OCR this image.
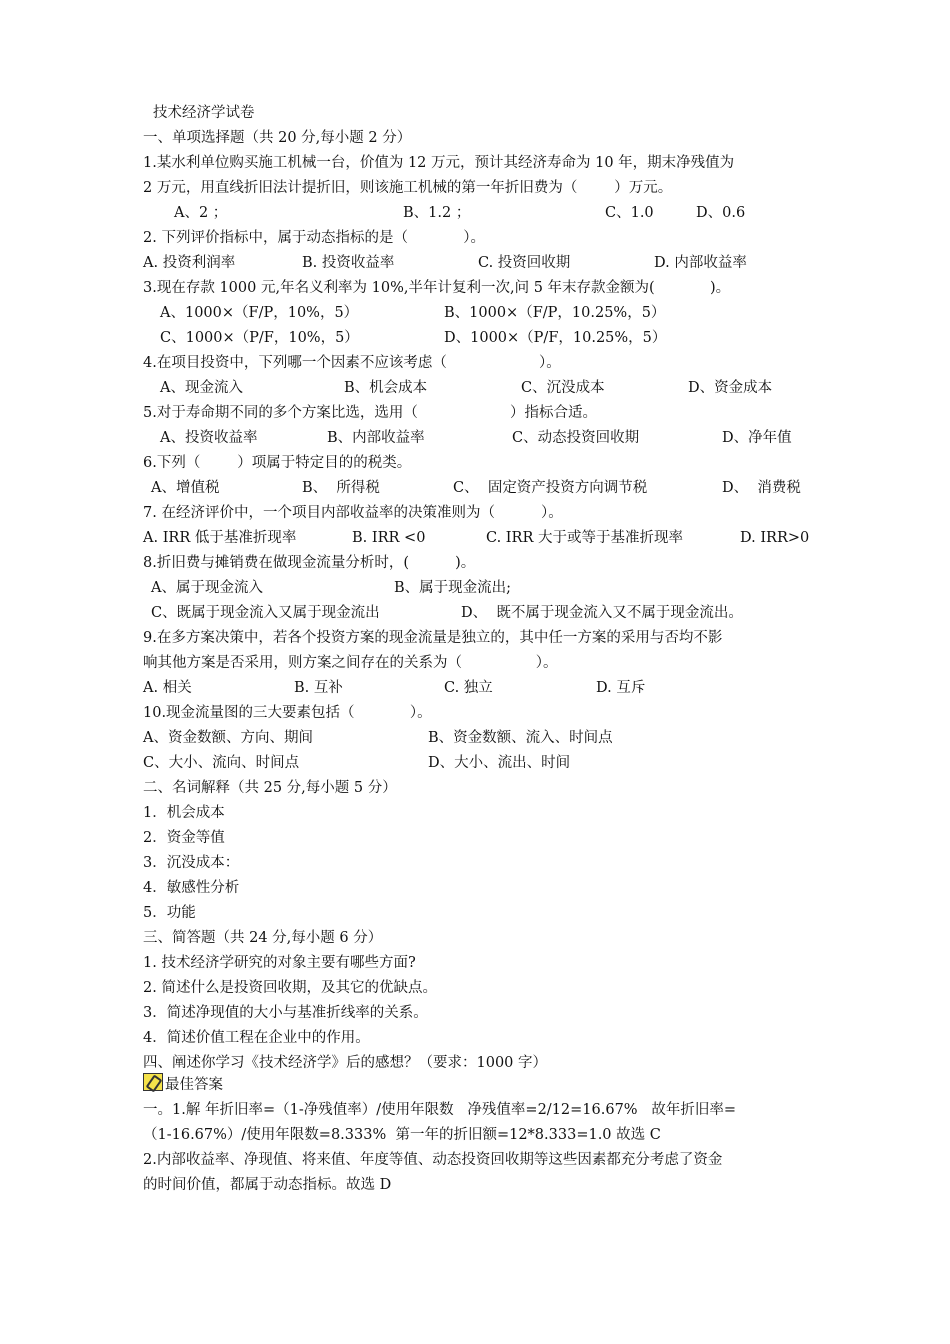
技术经济学试卷
一、单项选择题（共 20 分,每小题 2 分）
1.某水利单位购买施工机械一台，价值为 12 万元，预计其经济寿命为 10 年，期末净残值为
2 万元，用直线折旧法计提折旧，则该施工机械的第一年折旧费为（        ）万元。
A、2 ；	B、1.2 ；	C、1.0	D、0.6
2. 下列评价指标中，属于动态指标的是（            ）。
A. 投资利润率	B. 投资收益率	C. 投资回收期	D. 内部收益率
3.现在存款 1000 元,年名义利率为 10%,半年计复利一次,问 5 年末存款金额为(            )。
A、1000×（F/P，10%，5）	B、1000×（F/P，10.25%，5）
C、1000×（P/F，10%，5）	D、1000×（P/F，10.25%，5）
4.在项目投资中，下列哪一个因素不应该考虑（                    ）。
A、现金流入	B、机会成本	C、沉没成本	D、资金成本
5.对于寿命期不同的多个方案比选，选用（                    ）指标合适。
A、投资收益率	B、内部收益率	C、动态投资回收期	D、净年值
6.下列（        ）项属于特定目的的税类。
A、增值税	B、  所得税	C、  固定资产投资方向调节税	D、  消费税
7. 在经济评价中，一个项目内部收益率的决策准则为（          ）。
A. IRR 低于基准折现率	B. IRR <0	C. IRR 大于或等于基准折现率	D. IRR>0
8.折旧费与摊销费在做现金流量分析时，(          )。
A、属于现金流入	B、属于现金流出;
C、既属于现金流入又属于现金流出	D、  既不属于现金流入又不属于现金流出。
9.在多方案决策中，若各个投资方案的现金流量是独立的，其中任一方案的采用与否均不影
响其他方案是否采用，则方案之间存在的关系为（                ）。
A. 相关	B. 互补	C. 独立	D. 互斥
10.现金流量图的三大要素包括（            ）。
A、资金数额、方向、期间	B、资金数额、流入、时间点
C、大小、流向、时间点	D、大小、流出、时间
二、名词解释（共 25 分,每小题 5 分）
1．机会成本
2．资金等值
3．沉没成本：
4．敏感性分析
5．功能
三、简答题（共 24 分,每小题 6 分）
1. 技术经济学研究的对象主要有哪些方面?
2. 简述什么是投资回收期，及其它的优缺点。
3．简述净现值的大小与基准折线率的关系。
4．简述价值工程在企业中的作用。
四、阐述你学习《技术经济学》后的感想？（要求：1000 字）
最佳答案
一。1.解 年折旧率=（1-净残值率）/使用年限数   净残值率=2/12=16.67%   故年折旧率=
（1-16.67%）/使用年限数=8.333%  第一年的折旧额=12*8.333=1.0 故选 C
2.内部收益率、净现值、将来值、年度等值、动态投资回收期等这些因素都充分考虑了资金
的时间价值，都属于动态指标。故选 D
